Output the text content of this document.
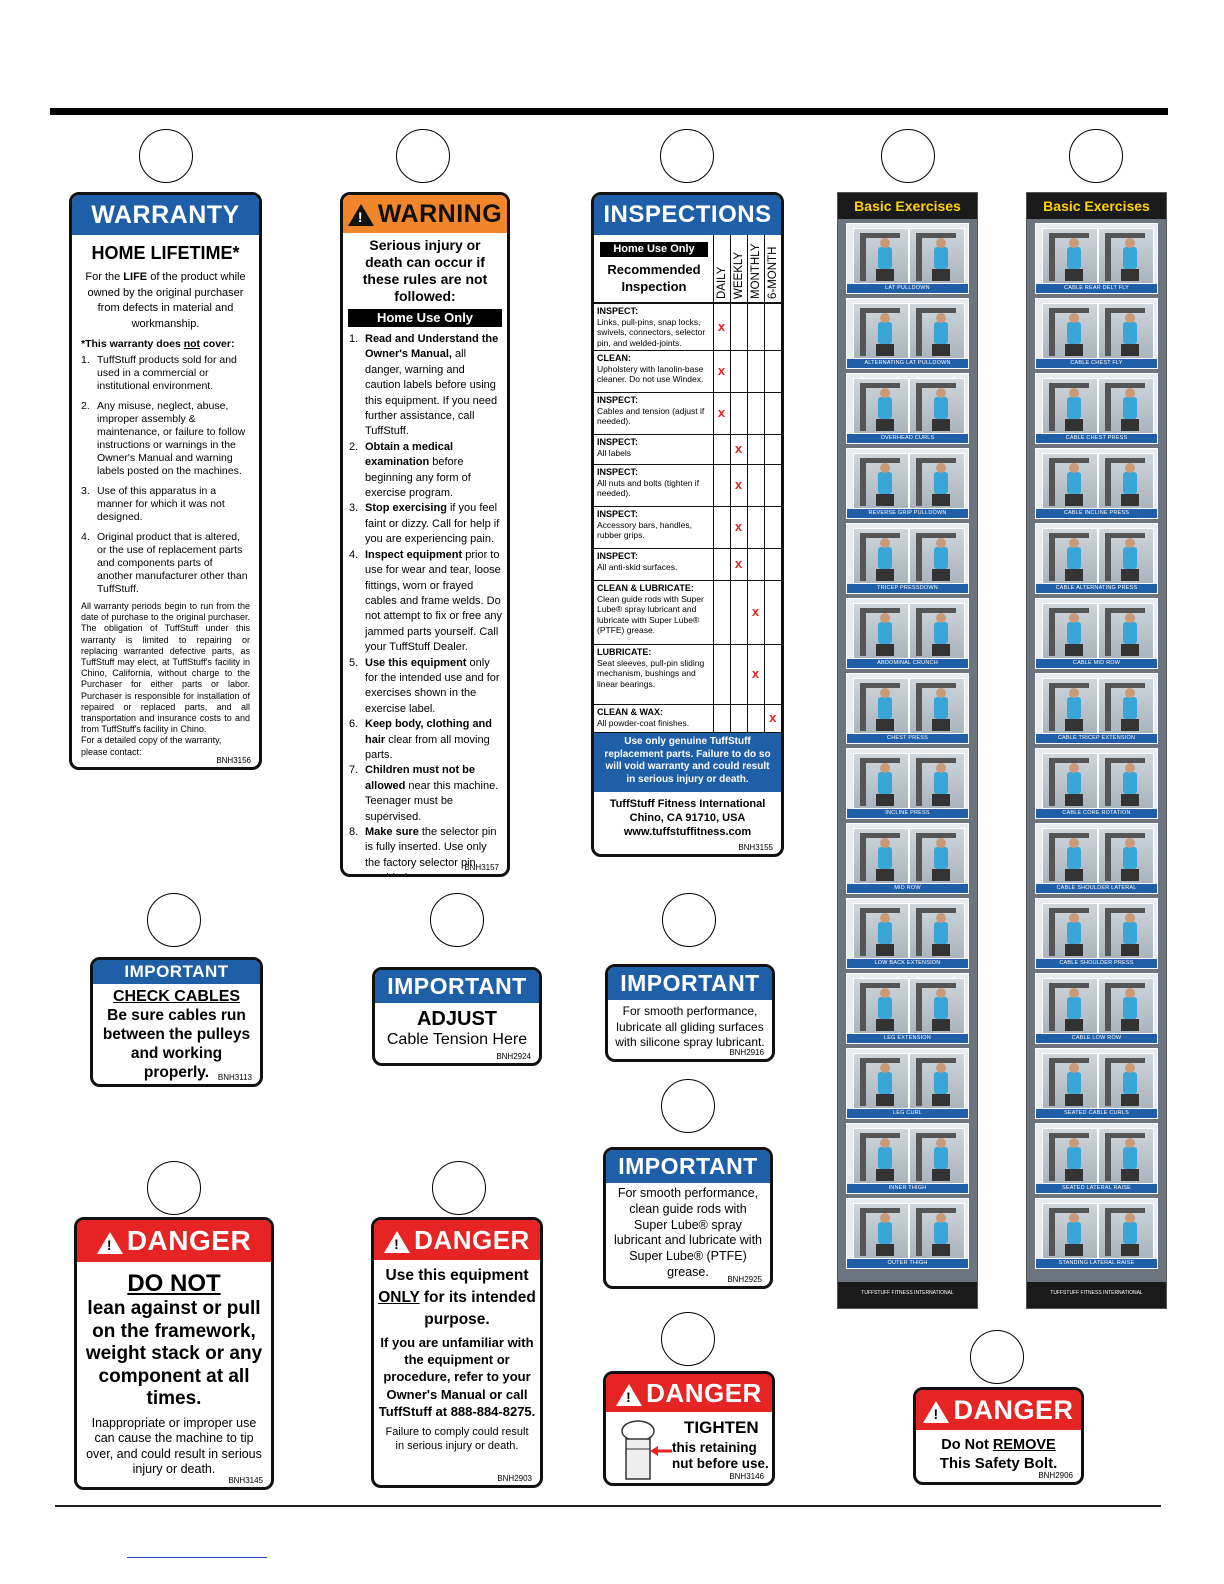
WARRANTY
HOME LIFETIME*
For the LIFE of the product while owned by the original purchaser from defects in material and workmanship.
*This warranty does not cover:
1. TuffStuff products sold for and used in a commercial or institutional environment.
2. Any misuse, neglect, abuse, improper assembly & maintenance, or failure to follow instructions or warnings in the Owner's Manual and warning labels posted on the machines.
3. Use of this apparatus in a manner for which it was not designed.
4. Original product that is altered, or the use of replacement parts and components parts of another manufacturer other than TuffStuff.
All warranty periods begin to run from the date of purchase to the original purchaser. The obligation of TuffStuff under this warranty is limited to repairing or replacing warranted defective parts, as TuffStuff may elect, at TuffStuff's facility in Chino, California, without charge to the Purchaser for either parts or labor. Purchaser is responsible for installation of repaired or replaced parts, and all transportation and insurance costs to and from TuffStuff's facility in Chino.
For a detailed copy of the warranty, please contact:
BNH3156
! WARNING
Serious injury or death can occur if these rules are not followed:
Home Use Only
1. Read and Understand the Owner's Manual, all danger, warning and caution labels before using this equipment. If you need further assistance, call TuffStuff.
2. Obtain a medical examination before beginning any form of exercise program.
3. Stop exercising if you feel faint or dizzy. Call for help if you are experiencing pain.
4. Inspect equipment prior to use for wear and tear, loose fittings, worn or frayed cables and frame welds. Do not attempt to fix or free any jammed parts yourself. Call your TuffStuff Dealer.
5. Use this equipment only for the intended use and for exercises shown in the exercise label.
6. Keep body, clothing and hair clear from all moving parts.
7. Children must not be allowed near this machine. Teenager must be supervised.
8. Make sure the selector pin is fully inserted. Use only the factory selector pin
BNH3157
INSPECTIONS
Home Use Only
Recommended Inspection	DAILY WEEKLY MONTHLY 6-MONTH
INSPECT:
Links, pull-pins, snap locks, swivels, connectors, selector pin, and welded-joints.	x			
CLEAN:
Upholstery with lanolin-base cleaner. Do not use Windex.	x			
INSPECT:
Cables and tension (adjust if needed).	x			
INSPECT:
All labels		x		
INSPECT:
All nuts and bolts (tighten if needed).		x		
INSPECT:
Accessory bars, handles, rubber grips.		x		
INSPECT:
All anti-skid surfaces.		x		
CLEAN & LUBRICATE:
Clean guide rods with Super Lube® spray lubricant and lubricate with Super Lube® (PTFE) grease.			x	
LUBRICATE:
Seat sleeves, pull-pin sliding mechanism, bushings and linear bearings.			x	
CLEAN & WAX:
All powder-coat finishes.				x
Use only genuine TuffStuff replacement parts. Failure to do so will void warranty and could result in serious injury or death.
TuffStuff Fitness International
Chino, CA 91710, USA
www.tuffstuffitness.com
BNH3155
Basic Exercises
LAT PULLDOWN
ALTERNATING LAT PULLDOWN
OVERHEAD CURLS
REVERSE GRIP PULLDOWN
TRICEP PRESSDOWN
ABDOMINAL CRUNCH
CHEST PRESS
INCLINE PRESS
MID ROW
LOW BACK EXTENSION
LEG EXTENSION
LEG CURL
INNER THIGH
OUTER THIGH
TUFFSTUFF FITNESS INTERNATIONAL
Basic Exercises
CABLE REAR DELT FLY
CABLE CHEST FLY
CABLE CHEST PRESS
CABLE INCLINE PRESS
CABLE ALTERNATING PRESS
CABLE MID ROW
CABLE TRICEP EXTENSION
CABLE CORE ROTATION
CABLE SHOULDER LATERAL
CABLE SHOULDER PRESS
CABLE LOW ROW
SEATED CABLE CURLS
SEATED LATERAL RAISE
STANDING LATERAL RAISE
TUFFSTUFF FITNESS INTERNATIONAL
IMPORTANT
CHECK CABLES
Be sure cables run between the pulleys and working properly.	BNH3113
IMPORTANT
ADJUST
Cable Tension Here
BNH2924
IMPORTANT
For smooth performance, lubricate all gliding surfaces with silicone spray lubricant.
BNH2916
IMPORTANT
For smooth performance, clean guide rods with Super Lube® spray lubricant and lubricate with Super Lube® (PTFE) grease.
BNH2925
! DANGER
DO NOT
lean against or pull on the framework, weight stack or any component at all times.
Inappropriate or improper use can cause the machine to tip over, and could result in serious injury or death.
BNH3145
! DANGER
Use this equipment
ONLY for its intended purpose.
If you are unfamiliar with the equipment or procedure, refer to your Owner's Manual or call TuffStuff at 888-884-8275.
Failure to comply could result in serious injury or death.
BNH2903
! DANGER
TIGHTEN
this retaining nut before use.
BNH3146
! DANGER
Do Not REMOVE
This Safety Bolt.
BNH2906
